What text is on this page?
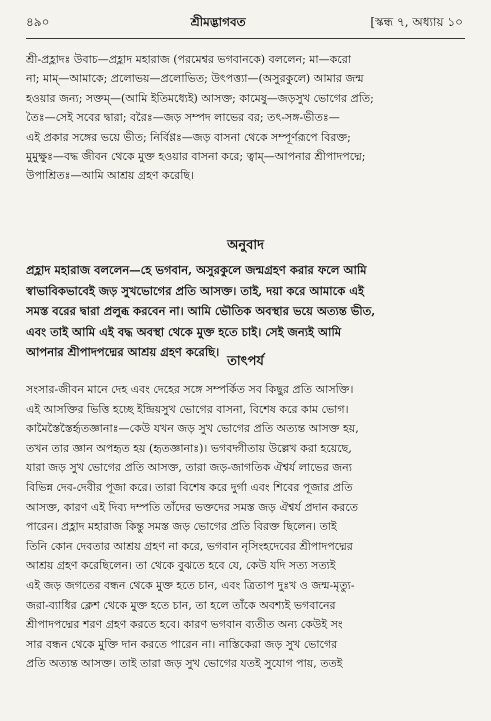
৪৯০	শ্রীমদ্ভাগবত	[স্কন্ধ ৭, অধ্যায় ১০
শ্রী-প্রহ্লাদঃ উবাচ—প্রহ্লাদ মহারাজ (পরমেশ্বর ভগবানকে) বললেন; মা—করো
না; মাম্—আমাকে; প্রলোভয়—প্রলোভিত; উৎপত্ত্যা—(অসুরকুলে) আমার জন্ম
হওয়ার জন্য; সক্তম্—(আমি ইতিমধ্যেই) আসক্ত; কামেষু—জড়সুখ ভোগের প্রতি;
তৈঃ—সেই সবের দ্বারা; বরৈঃ—জড় সম্পদ লাভের বর; তৎ-সঙ্গ-ভীতঃ—
এই প্রকার সঙ্গের ভয়ে ভীত; নির্বিণ্ণঃ—জড় বাসনা থেকে সম্পূর্ণরূপে বিরক্ত;
মুমুক্ষুঃ—বদ্ধ জীবন থেকে মুক্ত হওয়ার বাসনা করে; ত্বাম্—আপনার শ্রীপাদপদ্মে;
উপাশ্রিতঃ—আমি আশ্রয় গ্রহণ করেছি।
অনুবাদ
প্রহ্লাদ মহারাজ বললেন—হে ভগবান, অসুরকুলে জন্মগ্রহণ করার ফলে আমি
স্বাভাবিকভাবেই জড় সুখভোগের প্রতি আসক্ত। তাই, দয়া করে আমাকে এই
সমস্ত বরের দ্বারা প্রলুব্ধ করবেন না। আমি ভৌতিক অবস্থার ভয়ে অত্যন্ত ভীত,
এবং তাই আমি এই বদ্ধ অবস্থা থেকে মুক্ত হতে চাই। সেই জন্যই আমি
আপনার শ্রীপাদপদ্মের আশ্রয় গ্রহণ করেছি।
তাৎপর্য
সংসার-জীবন মানে দেহ এবং দেহের সঙ্গে সম্পর্কিত সব কিছুর প্রতি আসক্তি।
এই আসক্তির ভিত্তি হচ্ছে ইন্দ্রিয়সুখ ভোগের বাসনা, বিশেষ করে কাম ভোগ।
কামৈস্তৈস্তৈর্হৃতজ্ঞানাঃ—কেউ যখন জড় সুখ ভোগের প্রতি অত্যন্ত আসক্ত হয়,
তখন তার জ্ঞান অপহৃত হয় (হৃতজ্ঞানাঃ)। ভগবদ্গীতায় উল্লেখ করা হয়েছে,
যারা জড় সুখ ভোগের প্রতি আসক্ত, তারা জড়-জাগতিক ঐশ্বর্য লাভের জন্য
বিভিন্ন দেব-দেবীর পূজা করে। তারা বিশেষ করে দুর্গা এবং শিবের পূজার প্রতি
আসক্ত, কারণ এই দিব্য দম্পতি তাঁদের ভক্তদের সমস্ত জড় ঐশ্বর্য প্রদান করতে
পারেন। প্রহ্লাদ মহারাজ কিন্তু সমস্ত জড় ভোগের প্রতি বিরক্ত ছিলেন। তাই
তিনি কোন দেবতার আশ্রয় গ্রহণ না করে, ভগবান নৃসিংহদেবের শ্রীপাদপদ্মের
আশ্রয় গ্রহণ করেছিলেন। তা থেকে বুঝতে হবে যে, কেউ যদি সত্য সত্যই
এই জড় জগতের বন্ধন থেকে মুক্ত হতে চান, এবং ত্রিতাপ দুঃখ ও জন্ম-মৃত্যু-
জরা-ব্যাধির ক্লেশ থেকে মুক্ত হতে চান, তা হলে তাঁকে অবশ্যই ভগবানের
শ্রীপাদপদ্মের শরণ গ্রহণ করতে হবে। কারণ ভগবান ব্যতীত অন্য কেউই সং
সার বন্ধন থেকে মুক্তি দান করতে পারেন না। নাস্তিকেরা জড় সুখ ভোগের
প্রতি অত্যন্ত আসক্ত। তাই তারা জড় সুখ ভোগের যতই সুযোগ পায়, ততই
